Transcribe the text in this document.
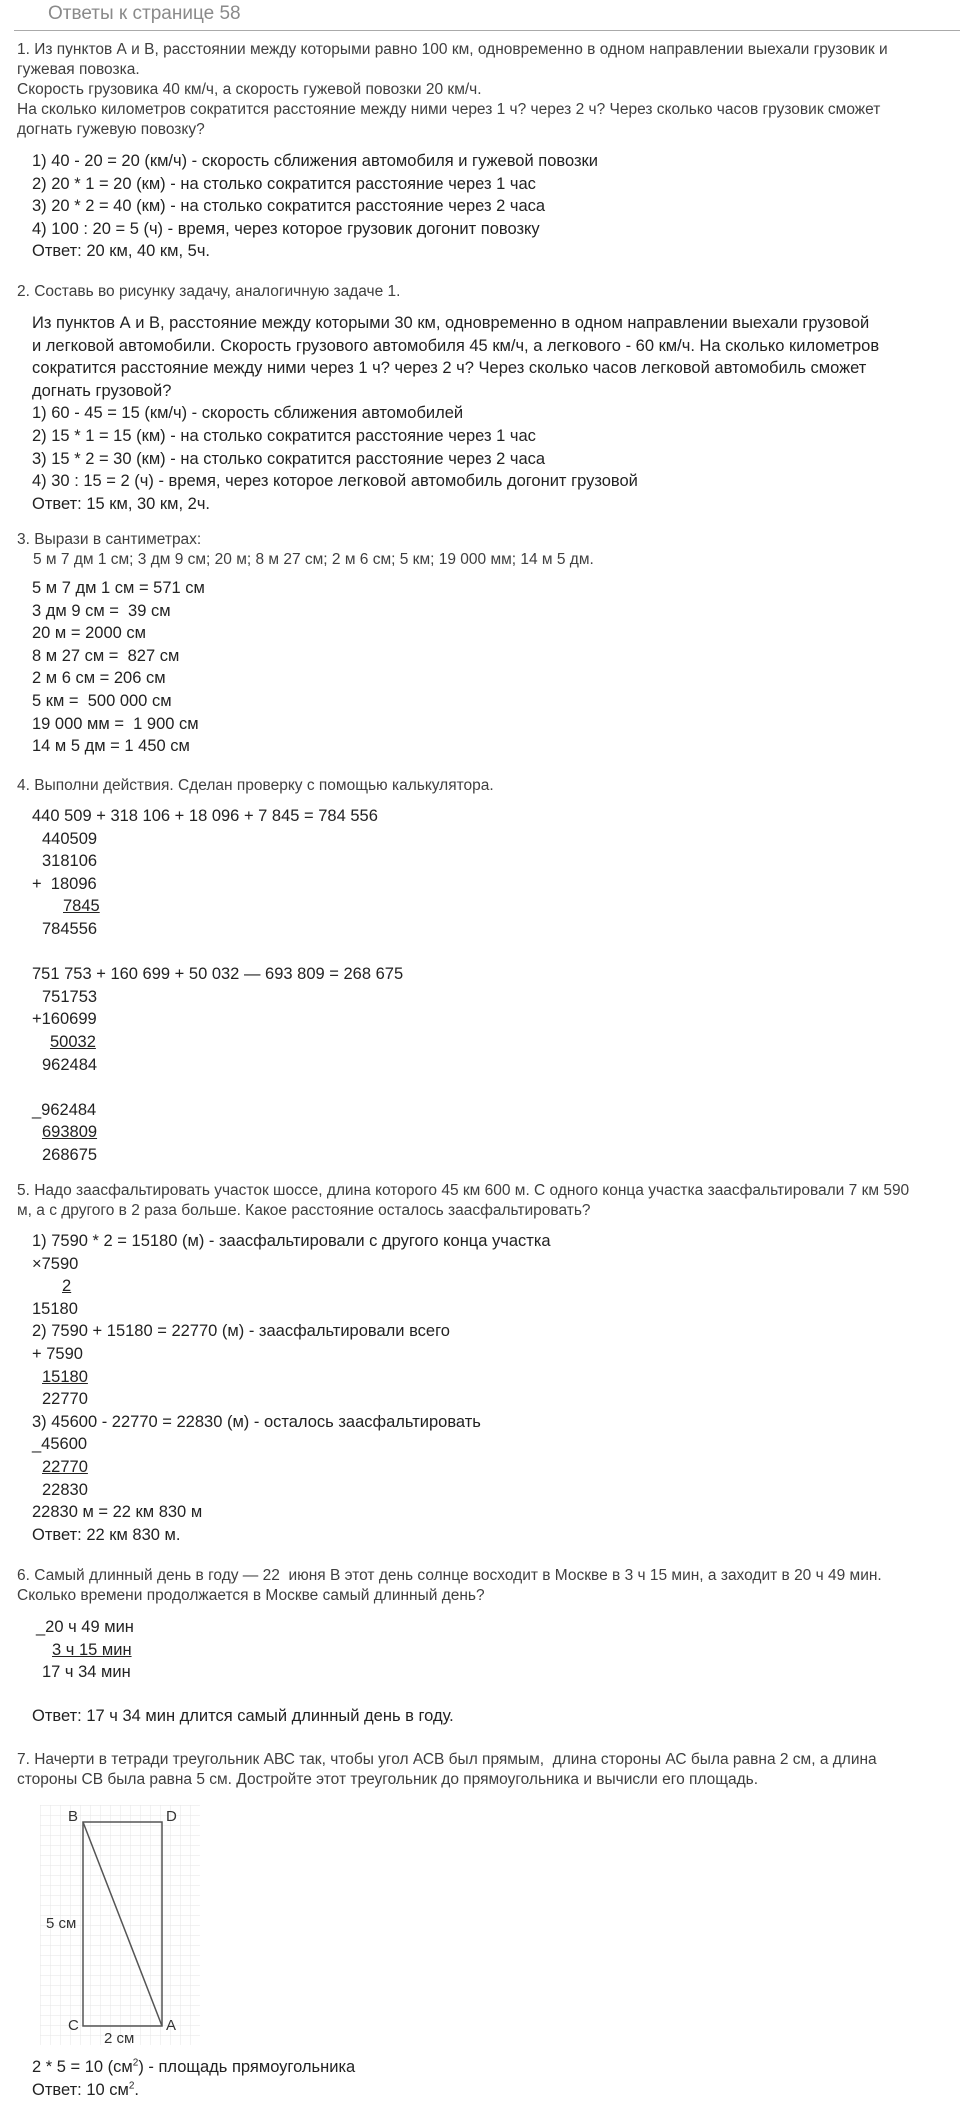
Ответы к странице 58

1. Из пунктов А и В, расстоянии между которыми равно 100 км, одновременно в одном направлении выехали грузовик и

гужевая повозка.

Скорость грузовика 40 км/ч, а скорость гужевой повозки 20 км/ч.

На сколько километров сократится расстояние между ними через 1 ч? через 2 ч? Через сколько часов грузовик сможет

догнать гужевую повозку?

1) 40 - 20 = 20 (км/ч) - скорость сближения автомобиля и гужевой повозки

2) 20 * 1 = 20 (км) - на столько сократится расстояние через 1 час

3) 20 * 2 = 40 (км) - на столько сократится расстояние через 2 часа

4) 100 : 20 = 5 (ч) - время, через которое грузовик догонит повозку

Ответ: 20 км, 40 км, 5ч.

2. Составь во рисунку задачу, аналогичную задаче 1.

Из пунктов А и В, расстояние между которыми 30 км, одновременно в одном направлении выехали грузовой

и легковой автомобили. Скорость грузового автомобиля 45 км/ч, а легкового - 60 км/ч. На сколько километров

сократится расстояние между ними через 1 ч? через 2 ч? Через сколько часов легковой автомобиль сможет

догнать грузовой?

1) 60 - 45 = 15 (км/ч) - скорость сближения автомобилей

2) 15 * 1 = 15 (км) - на столько сократится расстояние через 1 час

3) 15 * 2 = 30 (км) - на столько сократится расстояние через 2 часа

4) 30 : 15 = 2 (ч) - время, через которое легковой автомобиль догонит грузовой

Ответ: 15 км, 30 км, 2ч.

3. Вырази в сантиметрах:

5 м 7 дм 1 см; 3 дм 9 см; 20 м; 8 м 27 см; 2 м 6 см; 5 км; 19 000 мм; 14 м 5 дм.

5 м 7 дм 1 см = 571 см

3 дм 9 см =  39 см

20 м = 2000 см

8 м 27 см =  827 см

2 м 6 см = 206 см

5 км =  500 000 см

19 000 мм =  1 900 см

14 м 5 дм = 1 450 см

4. Выполни действия. Сделан проверку с помощью калькулятора.

440 509 + 318 106 + 18 096 + 7 845 = 784 556

440509

318106

+  18096

7845

784556

751 753 + 160 699 + 50 032 — 693 809 = 268 675

751753

+160699

50032

962484

_962484

693809

268675

5. Надо заасфальтировать участок шоссе, длина которого 45 км 600 м. С одного конца участка заасфальтировали 7 км 590

м, а с другого в 2 раза больше. Какое расстояние осталось заасфальтировать?

1) 7590 * 2 = 15180 (м) - заасфальтировали с другого конца участка

×7590

2

15180

2) 7590 + 15180 = 22770 (м) - заасфальтировали всего

+ 7590

15180

22770

3) 45600 - 22770 = 22830 (м) - осталось заасфальтировать

_45600

22770

22830

22830 м = 22 км 830 м

Ответ: 22 км 830 м.

6. Самый длинный день в году — 22  июня В этот день солнце восходит в Москве в 3 ч 15 мин, а заходит в 20 ч 49 мин.

Сколько времени продолжается в Москве самый длинный день?

_20 ч 49 мин

3 ч 15 мин

17 ч 34 мин

Ответ: 17 ч 34 мин длится самый длинный день в году.

7. Начерти в тетради треугольник АВС так, чтобы угол АСВ был прямым,  длина стороны АС была равна 2 см, а длина

стороны СВ была равна 5 см. Достройте этот треугольник до прямоугольника и вычисли его площадь.

B	D
C	A
5 см
2 см

2 * 5 = 10 $(см^2)$ - площадь прямоугольника

Ответ: 10 $см^2$.
